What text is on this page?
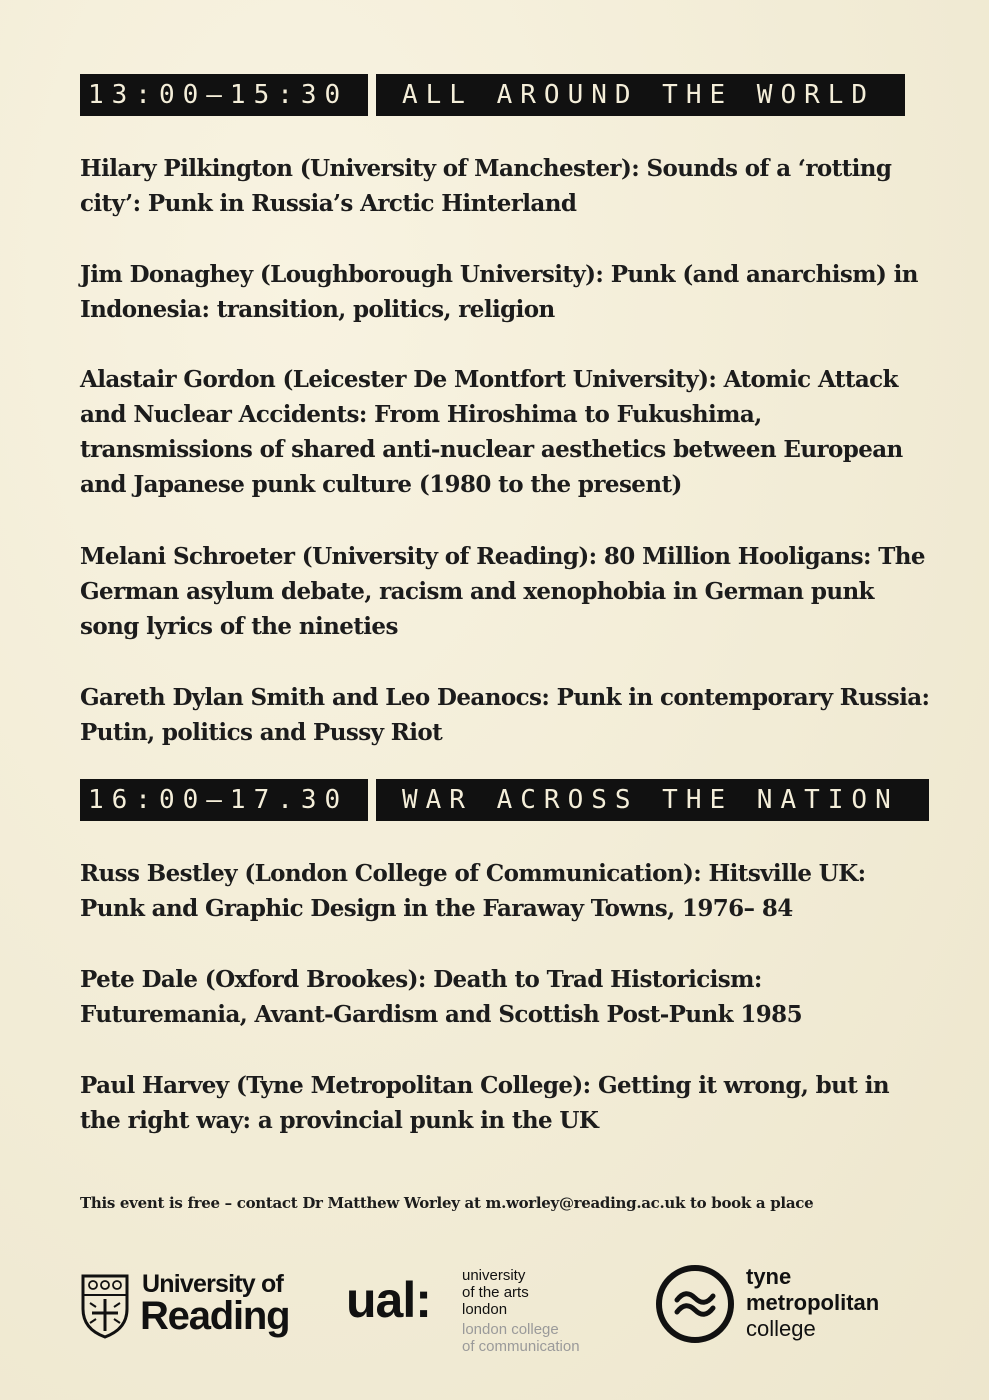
13:00–15:30	ALL AROUND THE WORLD
Hilary Pilkington (University of Manchester): Sounds of a ‘rotting city’: Punk in Russia’s Arctic Hinterland
Jim Donaghey (Loughborough University): Punk (and anarchism) in Indonesia: transition, politics, religion
Alastair Gordon (Leicester De Montfort University): Atomic Attack and Nuclear Accidents: From Hiroshima to Fukushima, transmissions of shared anti-nuclear aesthetics between European and Japanese punk culture (1980 to the present)
Melani Schroeter (University of Reading): 80 Million Hooligans: The German asylum debate, racism and xenophobia in German punk song lyrics of the nineties
Gareth Dylan Smith and Leo Deanocs: Punk in contemporary Russia: Putin, politics and Pussy Riot
16:00–17.30	WAR ACROSS THE NATION
Russ Bestley (London College of Communication): Hitsville UK: Punk and Graphic Design in the Faraway Towns, 1976– 84
Pete Dale (Oxford Brookes): Death to Trad Historicism: Futuremania, Avant-Gardism and Scottish Post-Punk 1985
Paul Harvey (Tyne Metropolitan College): Getting it wrong, but in the right way: a provincial punk in the UK
This event is free – contact Dr Matthew Worley at m.worley@reading.ac.uk to book a place
University of
Reading ual: university
of the arts
london
london college
of communication
tyne
metropolitan
college
